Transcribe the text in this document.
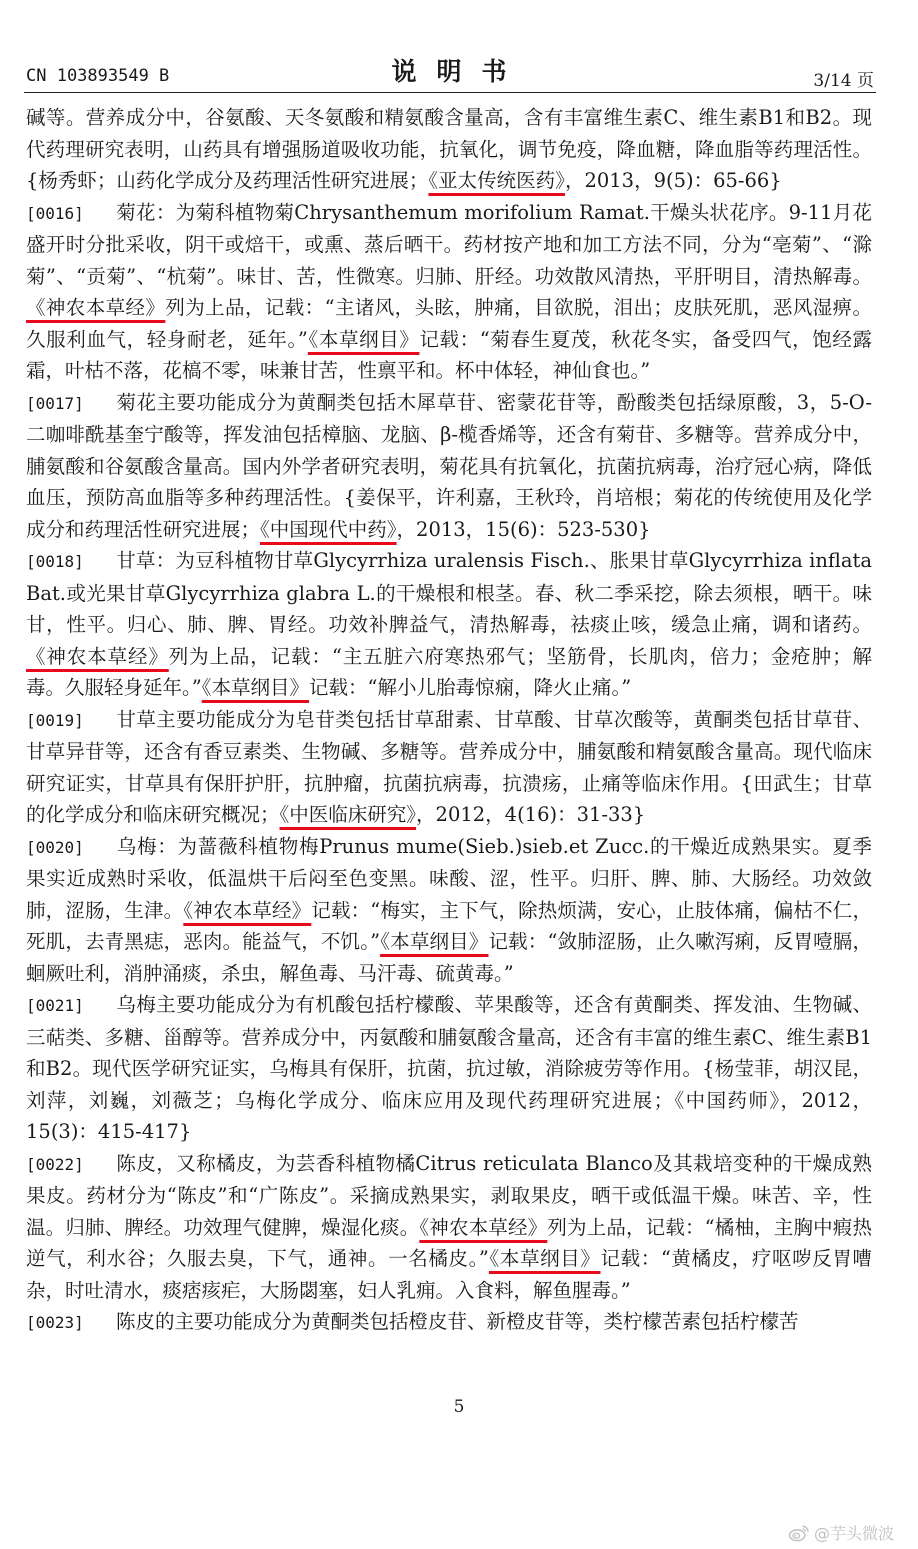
CN 103893549 B	说明书	3/14 页

碱等。营养成分中，谷氨酸、天冬氨酸和精氨酸含量高，含有丰富维生素C、维生素B1和B2。现代药理研究表明，山药具有增强肠道吸收功能，抗氧化，调节免疫，降血糖，降血脂等药理活性。{杨秀虾；山药化学成分及药理活性研究进展；《亚太传统医药》，2013，9(5)：65-66}

[0016] 菊花：为菊科植物菊Chrysanthemum morifolium Ramat.干燥头状花序。9-11月花盛开时分批采收，阴干或焙干，或熏、蒸后晒干。药材按产地和加工方法不同，分为“亳菊”、“滁菊”、“贡菊”、“杭菊”。味甘、苦，性微寒。归肺、肝经。功效散风清热，平肝明目，清热解毒。《神农本草经》列为上品，记载：“主诸风，头眩，肿痛，目欲脱，泪出；皮肤死肌，恶风湿痹。久服利血气，轻身耐老，延年。”《本草纲目》记载：“菊春生夏茂，秋花冬实，备受四气，饱经露霜，叶枯不落，花槁不零，味兼甘苦，性禀平和。杯中体轻，神仙食也。”

[0017] 菊花主要功能成分为黄酮类包括木犀草苷、密蒙花苷等，酚酸类包括绿原酸，3，5-O-二咖啡酰基奎宁酸等，挥发油包括樟脑、龙脑、β-榄香烯等，还含有菊苷、多糖等。营养成分中，脯氨酸和谷氨酸含量高。国内外学者研究表明，菊花具有抗氧化，抗菌抗病毒，治疗冠心病，降低血压，预防高血脂等多种药理活性。{姜保平，许利嘉，王秋玲，肖培根；菊花的传统使用及化学成分和药理活性研究进展；《中国现代中药》，2013，15(6)：523-530}

[0018] 甘草：为豆科植物甘草Glycyrrhiza uralensis Fisch.、胀果甘草Glycyrrhiza inflata Bat.或光果甘草Glycyrrhiza glabra L.的干燥根和根茎。春、秋二季采挖，除去须根，晒干。味甘，性平。归心、肺、脾、胃经。功效补脾益气，清热解毒，祛痰止咳，缓急止痛，调和诸药。《神农本草经》列为上品，记载：“主五脏六府寒热邪气；坚筋骨，长肌肉，倍力；金疮肿；解毒。久服轻身延年。”《本草纲目》记载：“解小儿胎毒惊痫，降火止痛。”

[0019] 甘草主要功能成分为皂苷类包括甘草甜素、甘草酸、甘草次酸等，黄酮类包括甘草苷、甘草异苷等，还含有香豆素类、生物碱、多糖等。营养成分中，脯氨酸和精氨酸含量高。现代临床研究证实，甘草具有保肝护肝，抗肿瘤，抗菌抗病毒，抗溃疡，止痛等临床作用。{田武生；甘草的化学成分和临床研究概况；《中医临床研究》，2012，4(16)：31-33}

[0020] 乌梅：为蔷薇科植物梅Prunus mume(Sieb.)sieb.et Zucc.的干燥近成熟果实。夏季果实近成熟时采收，低温烘干后闷至色变黑。味酸、涩，性平。归肝、脾、肺、大肠经。功效敛肺，涩肠，生津。《神农本草经》记载：“梅实，主下气，除热烦满，安心，止肢体痛，偏枯不仁，死肌，去青黑痣，恶肉。能益气，不饥。”《本草纲目》记载：“敛肺涩肠，止久嗽泻痢，反胃噎膈，蛔厥吐利，消肿涌痰，杀虫，解鱼毒、马汗毒、硫黄毒。”

[0021] 乌梅主要功能成分为有机酸包括柠檬酸、苹果酸等，还含有黄酮类、挥发油、生物碱、三萜类、多糖、甾醇等。营养成分中，丙氨酸和脯氨酸含量高，还含有丰富的维生素C、维生素B1和B2。现代医学研究证实，乌梅具有保肝，抗菌，抗过敏，消除疲劳等作用。{杨莹菲，胡汉昆，刘萍，刘巍，刘薇芝；乌梅化学成分、临床应用及现代药理研究进展；《中国药师》，2012，15(3)：415-417}

[0022] 陈皮，又称橘皮，为芸香科植物橘Citrus reticulata Blanco及其栽培变种的干燥成熟果皮。药材分为“陈皮”和“广陈皮”。采摘成熟果实，剥取果皮，晒干或低温干燥。味苦、辛，性温。归肺、脾经。功效理气健脾，燥湿化痰。《神农本草经》列为上品，记载：“橘柚，主胸中瘕热逆气，利水谷；久服去臭，下气，通神。一名橘皮。”《本草纲目》记载：“黄橘皮，疗呕哕反胃嘈杂，时吐清水，痰痞痎疟，大肠閟塞，妇人乳痈。入食料，解鱼腥毒。”

[0023] 陈皮的主要功能成分为黄酮类包括橙皮苷、新橙皮苷等，类柠檬苦素包括柠檬苦

5
@芋头微波
